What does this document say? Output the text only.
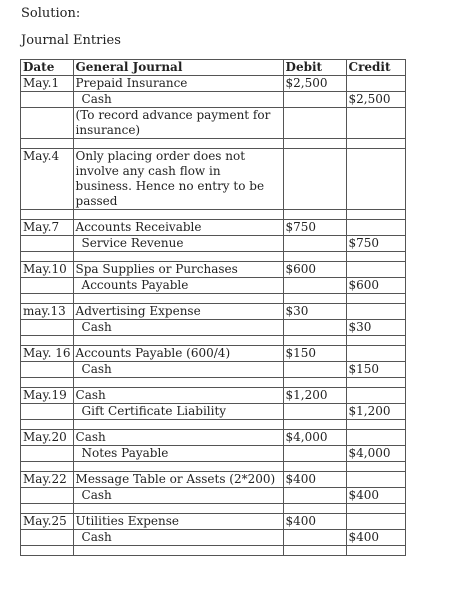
Solution:
Journal Entries
Date	General Journal	Debit	Credit
May.1	Prepaid Insurance	$2,500	
	Cash		$2,500
	(To record advance payment for insurance)		

May.4	Only placing order does not involve any cash flow in business. Hence no entry to be passed		

May.7	Accounts Receivable	$750	
	Service Revenue		$750

May.10	Spa Supplies or Purchases	$600	
	Accounts Payable		$600

may.13	Advertising Expense	$30	
	Cash		$30

May. 16	Accounts Payable (600/4)	$150	
	Cash		$150

May.19	Cash	$1,200	
	Gift Certificate Liability		$1,200

May.20	Cash	$4,000	
	Notes Payable		$4,000

May.22	Message Table or Assets (2*200)	$400	
	Cash		$400

May.25	Utilities Expense	$400	
	Cash		$400
